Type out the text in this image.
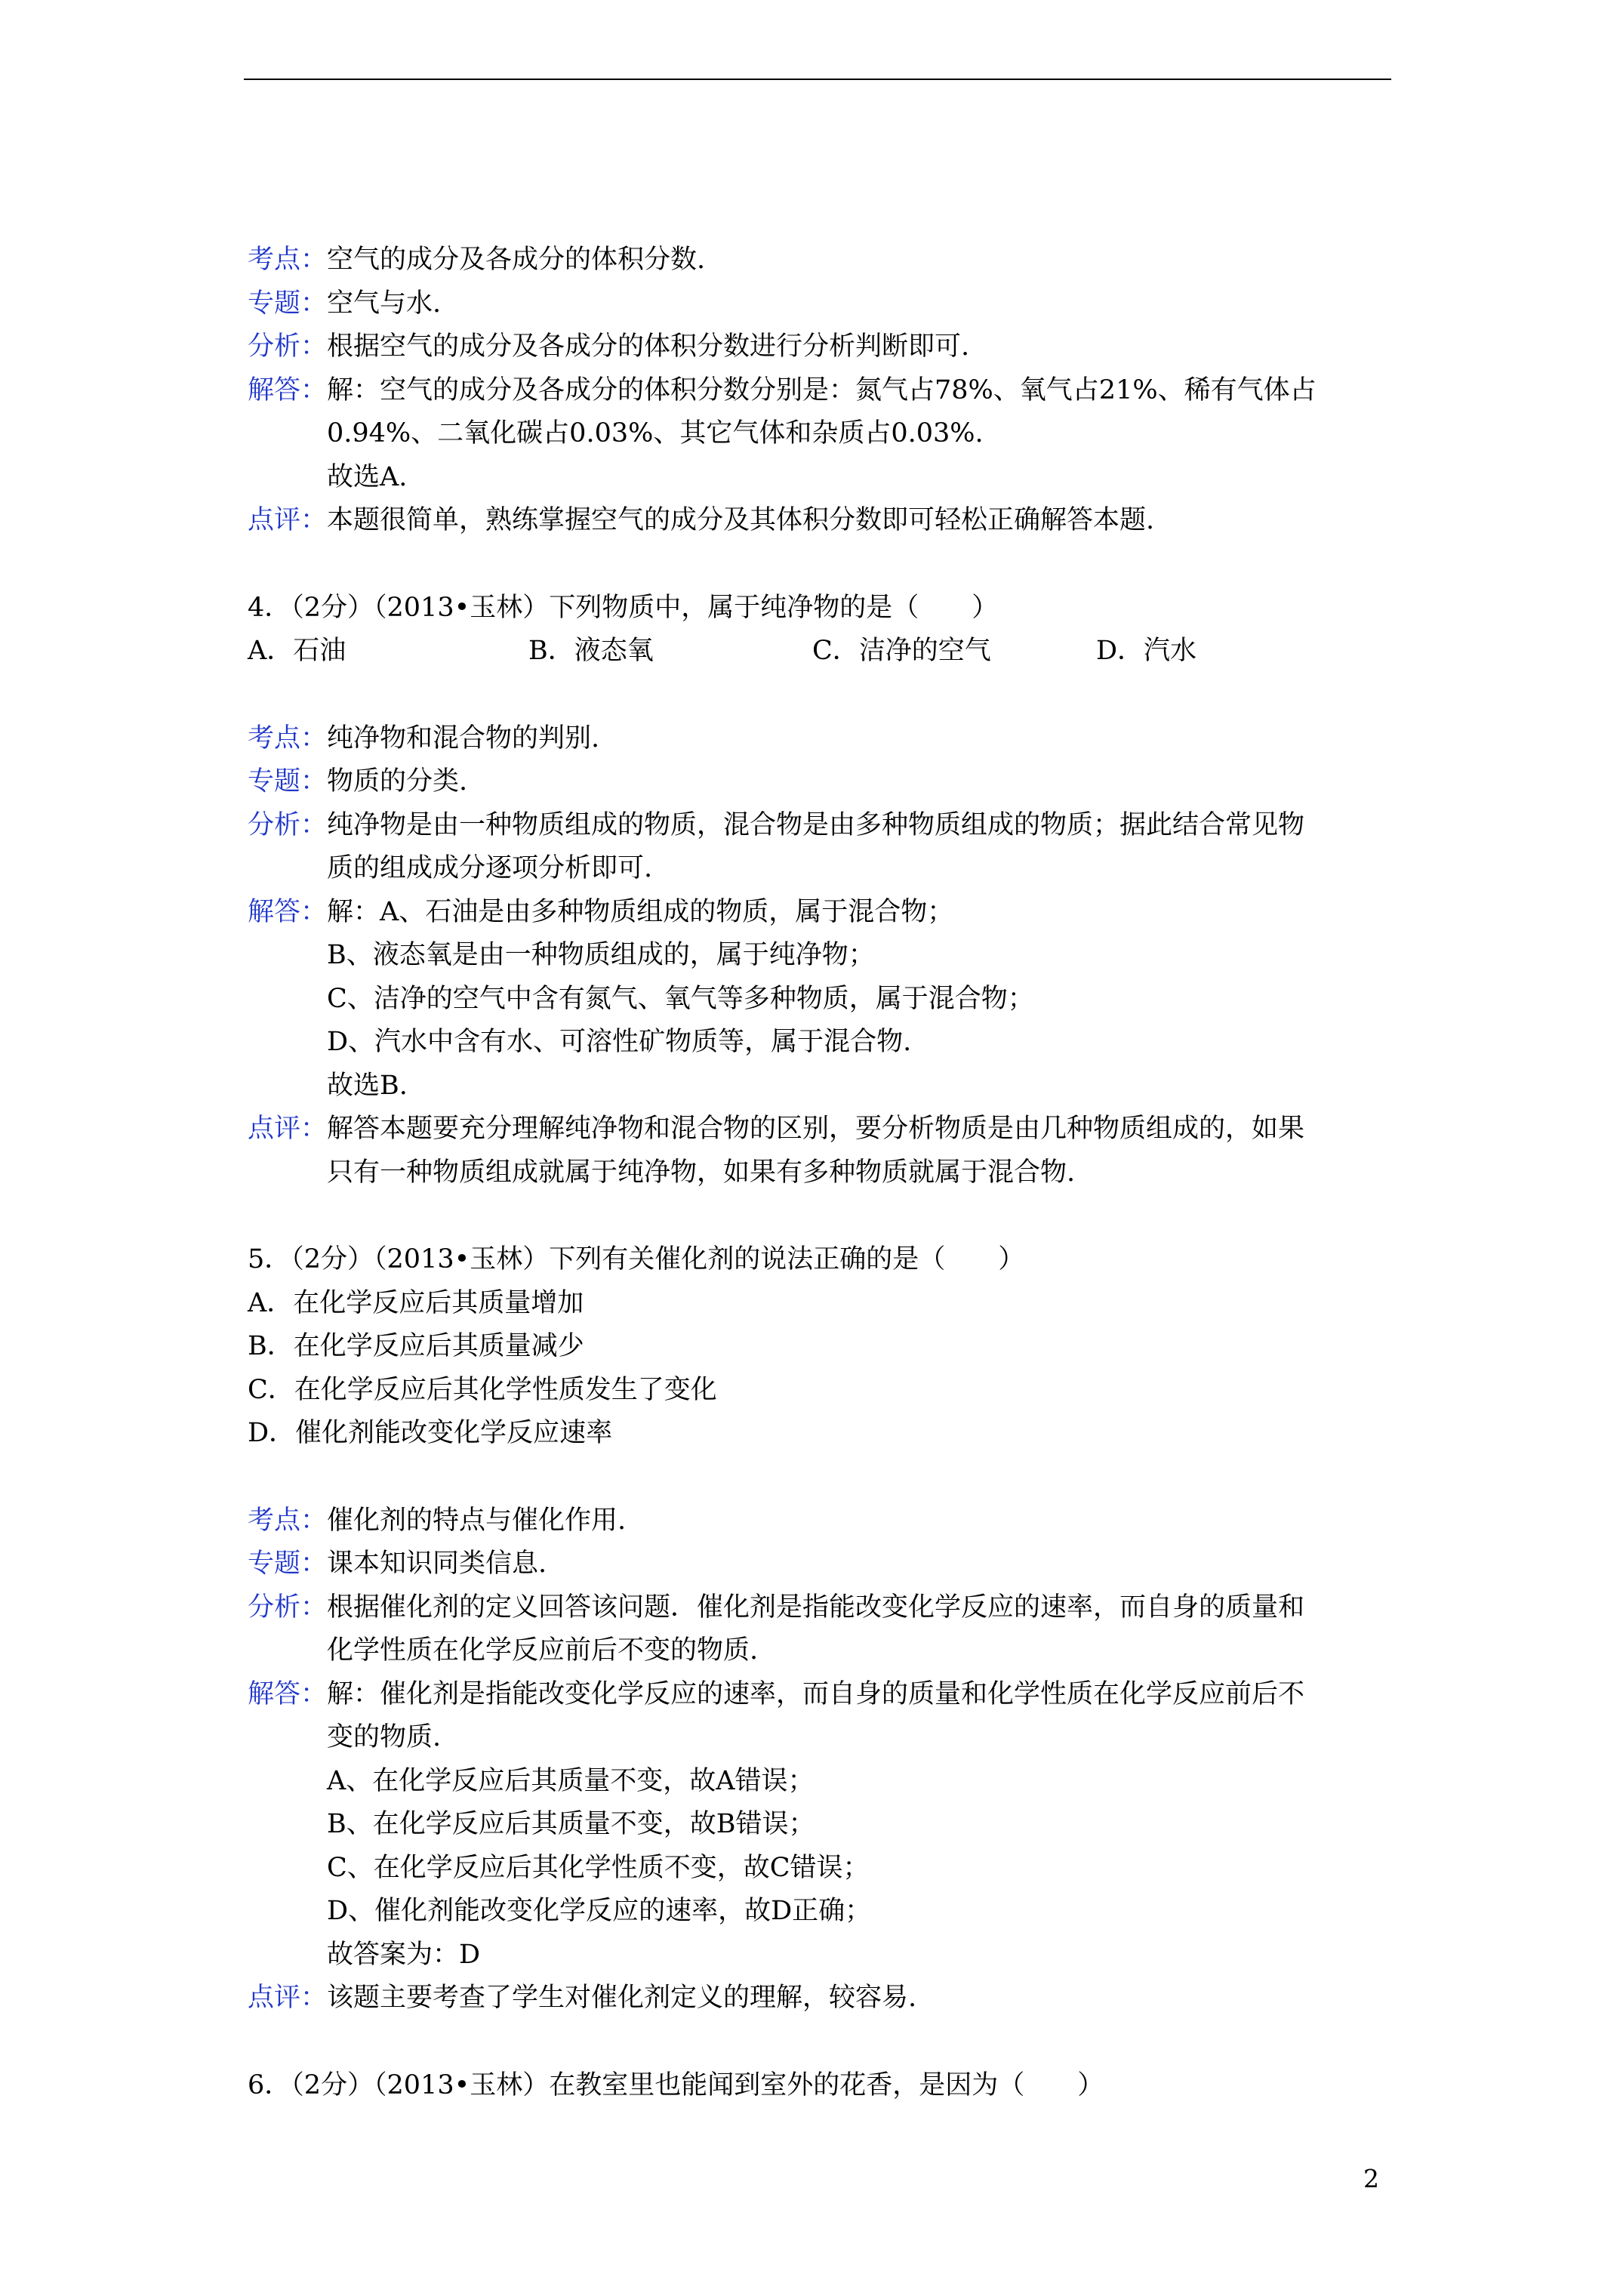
考点：空气的成分及各成分的体积分数.
专题：空气与水.
分析：根据空气的成分及各成分的体积分数进行分析判断即可.
解答：解：空气的成分及各成分的体积分数分别是：氮气占78%、氧气占21%、稀有气体占
0.94%、二氧化碳占0.03%、其它气体和杂质占0.03%.
故选A.
点评：本题很简单，熟练掌握空气的成分及其体积分数即可轻松正确解答本题.
4．（2分）（2013•玉林）下列物质中，属于纯净物的是（　　）
A．石油	B．液态氧	C．洁净的空气	D．汽水
考点：纯净物和混合物的判别.
专题：物质的分类.
分析：纯净物是由一种物质组成的物质，混合物是由多种物质组成的物质；据此结合常见物
质的组成成分逐项分析即可.
解答：解：A、石油是由多种物质组成的物质，属于混合物；
B、液态氧是由一种物质组成的，属于纯净物；
C、洁净的空气中含有氮气、氧气等多种物质，属于混合物；
D、汽水中含有水、可溶性矿物质等，属于混合物.
故选B.
点评：解答本题要充分理解纯净物和混合物的区别，要分析物质是由几种物质组成的，如果
只有一种物质组成就属于纯净物，如果有多种物质就属于混合物.
5．（2分）（2013•玉林）下列有关催化剂的说法正确的是（　　）
A．在化学反应后其质量增加
B．在化学反应后其质量减少
C．在化学反应后其化学性质发生了变化
D．催化剂能改变化学反应速率
考点：催化剂的特点与催化作用.
专题：课本知识同类信息.
分析：根据催化剂的定义回答该问题．催化剂是指能改变化学反应的速率，而自身的质量和
化学性质在化学反应前后不变的物质.
解答：解：催化剂是指能改变化学反应的速率，而自身的质量和化学性质在化学反应前后不
变的物质.
A、在化学反应后其质量不变，故A错误；
B、在化学反应后其质量不变，故B错误；
C、在化学反应后其化学性质不变，故C错误；
D、催化剂能改变化学反应的速率，故D正确；
故答案为：D
点评：该题主要考查了学生对催化剂定义的理解，较容易.
6．（2分）（2013•玉林）在教室里也能闻到室外的花香，是因为（　　）
2
